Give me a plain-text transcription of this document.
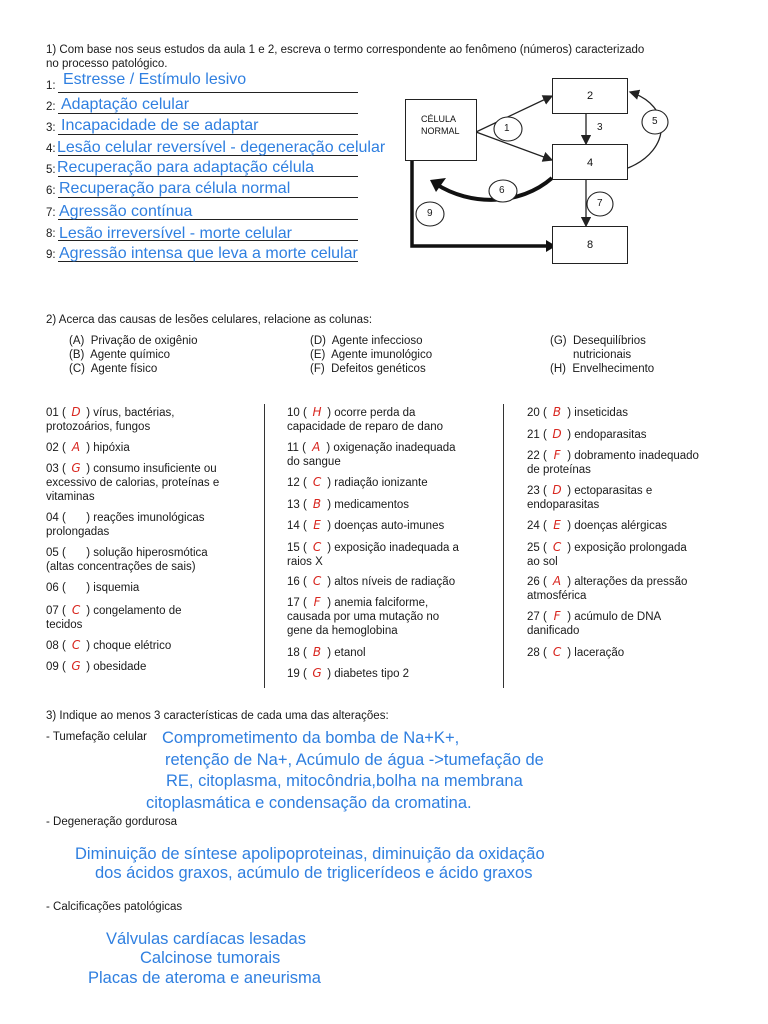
1) Com base nos seus estudos da aula 1 e 2, escreva o termo correspondente ao fenômeno (números) caracterizado
no processo patológico.
1: Estresse / Estímulo lesivo
2: Adaptação celular
3: Incapacidade de se adaptar
4: Lesão celular reversível - degeneração celular
5: Recuperação para adaptação célula
6: Recuperação para célula normal
7: Agressão contínua
8: Lesão irreversível - morte celular
9: Agressão intensa que leva a morte celular
CÉLULA
NORMAL
2
4
8
1	3
5
6
7
9
2) Acerca das causas de lesões celulares, relacione as colunas:
(A) Privação de oxigênio
(B) Agente químico
(C) Agente físico
(D) Agente infeccioso
(E) Agente imunológico
(F) Defeitos genéticos
(G) Desequilíbrios
nutricionais
(H) Envelhecimento
01 ( D ) vírus, bactérias,
protozoários, fungos
02 ( A ) hipóxia
03 ( G ) consumo insuficiente ou
excessivo de calorias, proteínas e
vitaminas
04 (  ) reações imunológicas
prolongadas
05 (  ) solução hiperosmótica
(altas concentrações de sais)
06 (  ) isquemia
07 ( C ) congelamento de
tecidos
08 ( C ) choque elétrico
09 ( G ) obesidade
10 ( H ) ocorre perda da
capacidade de reparo de dano
11 ( A ) oxigenação inadequada
do sangue
12 ( C ) radiação ionizante
13 ( B ) medicamentos
14 ( E ) doenças auto-imunes
15 ( C ) exposição inadequada a
raios X
16 ( C ) altos níveis de radiação
17 ( F ) anemia falciforme,
causada por uma mutação no
gene da hemoglobina
18 ( B ) etanol
19 ( G ) diabetes tipo 2
20 ( B ) inseticidas
21 ( D ) endoparasitas
22 ( F ) dobramento inadequado
de proteínas
23 ( D ) ectoparasitas e
endoparasitas
24 ( E ) doenças alérgicas
25 ( C ) exposição prolongada
ao sol
26 ( A ) alterações da pressão
atmosférica
27 ( F ) acúmulo de DNA
danificado
28 ( C ) laceração
3) Indique ao menos 3 características de cada uma das alterações:
- Tumefação celular Comprometimento da bomba de Na+K+,
retenção de Na+, Acúmulo de água ->tumefação de
RE, citoplasma, mitocôndria,bolha na membrana
citoplasmática e condensação da cromatina.
- Degeneração gordurosa
Diminuição de síntese apolipoproteinas, diminuição da oxidação
dos ácidos graxos, acúmulo de triglicerídeos e ácido graxos
- Calcificações patológicas
Válvulas cardíacas lesadas
Calcinose tumorais
Placas de ateroma e aneurisma
